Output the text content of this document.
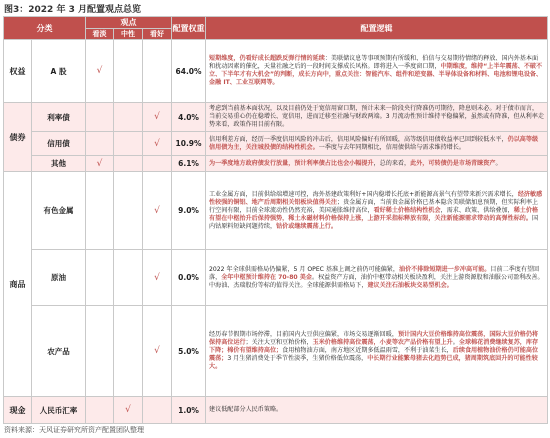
图3：2022 年 3 月配置观点总览
分类		观点			配置权重	配置逻辑
		看淡	中性	看好		
权益	A 股	√			64.0%	短期维度，仍看好成长超跌反弹行情的延续：美联储议息等事项预期有所缓和、伯信与交易期待情绪的释放、国内外基本面和扰动因素的催化，天量社融之后的一段时间支撑成长风格。即将进入一季度窗口期，中期维度，维持“上半年震荡、不破不立、下半年才有大机会”的判断，成长方向中，重点关注：智能汽车、组件和逆变器、半导体设备和材料、电池和锂电设备、金融 IT、工业互联网等。
债券	利率债			√	4.0%	考虑到当前基本面状况，以及目前仍处于宽信用窗口期，预计未来一阶段央行降准仍可期待，降息则未必。对于债市而言，当前交易重心仍在稳增长、宽信用，进而迁移至社融与财政两端。3 月流动性预计维持平稳偏紧，虽然或有降准，但从利率走势来看，政策作用目前有限。
	信用债			√	10.9%	信用利差方面，经历一季度信用风险的冲击后，信用风险偏好有所回暖，高等级信用债收益率已回到较低水平，仍以高等级信用债为主，关注城投债的结构性机会。一季度与去年同期相比，信用债供给与需求维持增长。
	其他	√			6.1%	为一季度地方政府债发行放量，预计利率债占比也会小幅提升，总的来看，此外，可转债仍是市场青睐资产。
商品	有色金属			√	9.0%	工业金属方面，目前供给端增速可控，海外基建政策利好+国内稳增长托底+新能源高景气有望带来新兴需求增长，经济敏感性较强的铜铝、地产后周期相关铝板块值得关注；贵金属方面，当前贵金属价格已基本隐含美联储加息预期，但实际利率上行空间有限，目前全球流动性仍然充裕，美国通胀维持高位，看好稀土价格结构性机会，需求、政策、供给叠加，稀土价格有望在中枢抬升后保持强势，稀土永磁材料价格保持上涨，上游开采指标释放有限，关注新能源需求带动的高弹性标的。国内钴原料短缺问题持续，钴价或继续震荡上行。
	原油			√	0.0%	2022 年全球供需格局仍偏紧，5 月 OPEC 基准上调之前仍可能偏紧，油价不排除短期进一步冲高可能。目前二季度有望回落，全年中枢预计维持在 70-80 美金。权益资产方面，油价中枢带动相关板块盈利，关注上游资源股和油服公司盈利改善。中海油、杰瑞股份等标的值得关注。全球能源供需格局下，建议关注石油板块交易型机会。
	农产品			√	5.0%	经历春节假期市场停滞，目前国内大豆供应偏紧，市场交易逐渐回暖，预计国内大豆价格维持高位震荡，国际大豆价格仍将保持高位运行；关注大豆和豆粕价格，玉米价格维持高位震荡，小麦等农产品价格有望上升。全球棉花消费继续复苏，库存下降；棉价有望维持高位；食用植物油方面，南方地区近期多低温雨雪，不利于油菜生长，后续食用植物油价格仍可能高位震荡；3 月生猪消费处于季节性淡季，生猪价格低位震荡，中长期行业能繁母猪去化趋势已成，猪周期筑底回升的可能性较大。
现金	人民币汇率		√		1.0%	建议低配部分人民币策略。
资料来源：天风证券研究所资产配置团队整理
